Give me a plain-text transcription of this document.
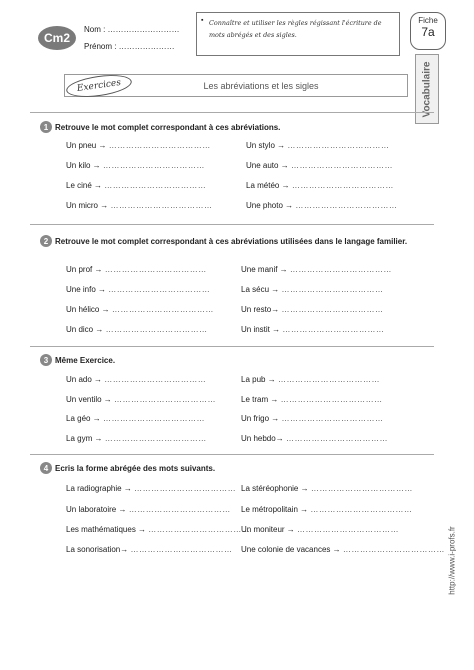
Cm2
Nom : ………………………
Prénom : …………………
▪ Connaître et utiliser les règles régissant l'écriture de mots abrégés et des sigles.
Fiche
7a
Vocabulaire
Les abréviations et les sigles
Exercices
1 Retrouve le mot complet correspondant à ces abréviations.
Un pneu → ………………………………
Un kilo → ………………………………
Le ciné → ………………………………
Un micro → ………………………………
Un stylo → ………………………………
Une auto → ………………………………
La météo → ………………………………
Une photo → ………………………………
2 Retrouve le mot complet correspondant à ces abréviations utilisées dans le langage familier.
Un prof → ………………………………
Une info → ………………………………
Un hélico → ………………………………
Un dico → ………………………………
Une manif → ………………………………
La sécu → ………………………………
Un resto→ ………………………………
Un instit → ………………………………
3 Même Exercice.
Un ado → ………………………………
Un ventilo → ………………………………
La géo → ………………………………
La gym → ………………………………
La pub → ………………………………
Le tram → ………………………………
Un frigo → ………………………………
Un hebdo→ ………………………………
4 Ecris la forme abrégée des mots suivants.
La radiographie → ………………………………
Un laboratoire → ………………………………
Les mathématiques → ………………………………
La sonorisation→ ………………………………
La stéréophonie → ………………………………
Le métropolitain → ………………………………
Un moniteur → ………………………………
Une colonie de vacances → ……………………………… http://www.i-profs.fr
